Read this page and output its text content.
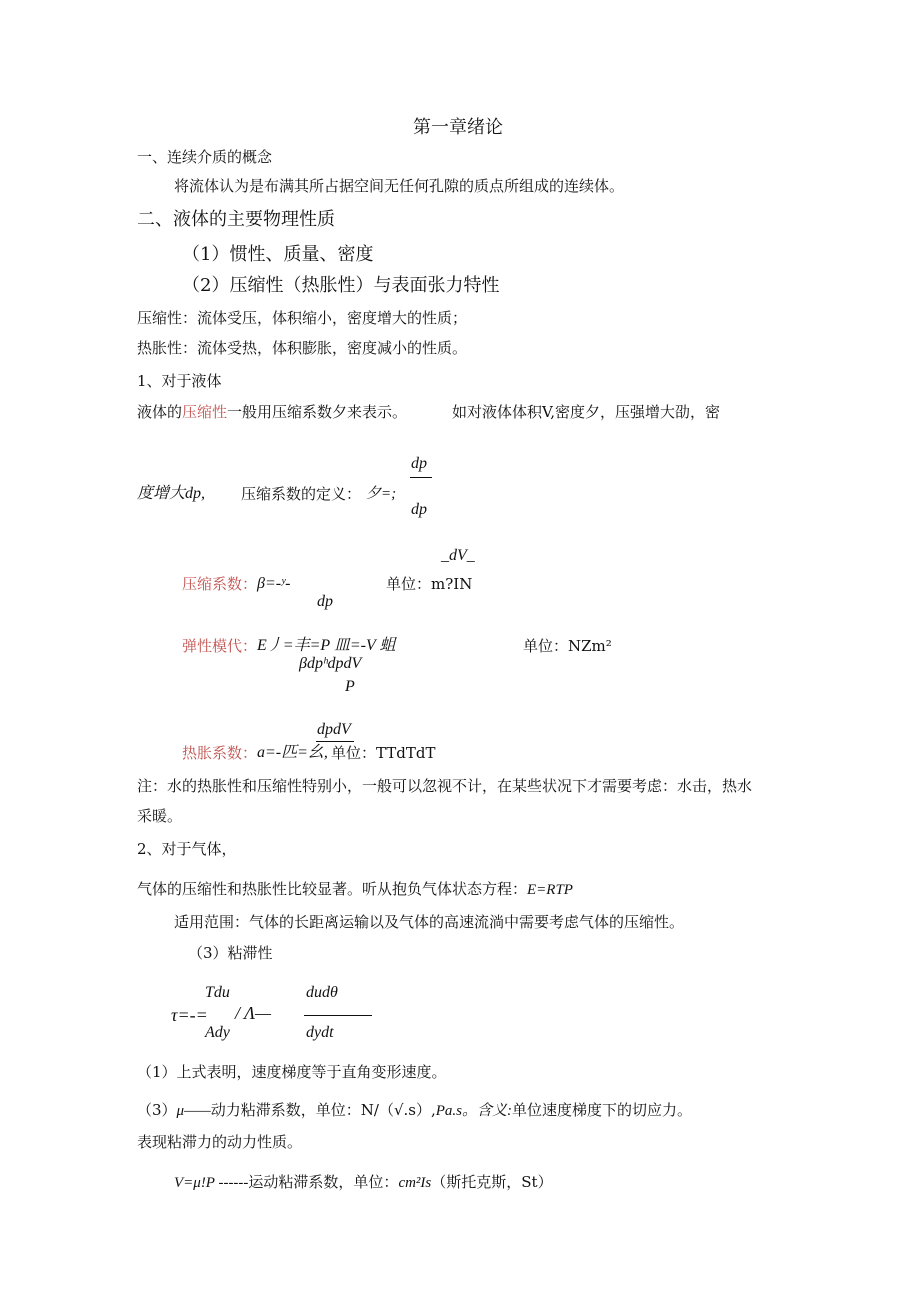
第一章绪论
一、连续介质的概念
将流体认为是布满其所占据空间无任何孔隙的质点所组成的连续体。
二、液体的主要物理性质
（1）惯性、质量、密度
（2）压缩性（热胀性）与表面张力特性
压缩性：流体受压，体积缩小，密度增大的性质；
热胀性：流体受热，体积膨胀，密度减小的性质。
1、对于液体
液体的压缩性一般用压缩系数夕来表示。	如对液体体积V,密度夕，压强增大劭，密
dp
度增大dp, 压缩系数的定义： 夕=;
dp
_dV_
压缩系数： β=-ʸ-	单位：m?IN
dp
弹性模代： E丿=丰=P 皿=-V 蛆	单位：NZm²
βdpʰdpdV
P
dpdV
热胀系数： a=-匹=幺, 单位：TTdTdT
注：水的热胀性和压缩性特别小，一般可以忽视不计，在某些状况下才需要考虑：水击，热水
采暖。
2、对于气体，
气体的压缩性和热胀性比较显著。听从抱负气体状态方程：E=RTP
适用范围：气体的长距离运输以及气体的高速流淌中需要考虑气体的压缩性。
（3）粘滞性
Tdu	dudθ
τ=-= / Λ—
Ady	dydt
（1）上式表明，速度梯度等于直角变形速度。
（3）μ——动力粘滞系数，单位：N/（√.s）,Pa.s。含义:单位速度梯度下的切应力。
表现粘滞力的动力性质。
V=μ!P ------运动粘滞系数，单位：cm²Is（斯托克斯，St）
